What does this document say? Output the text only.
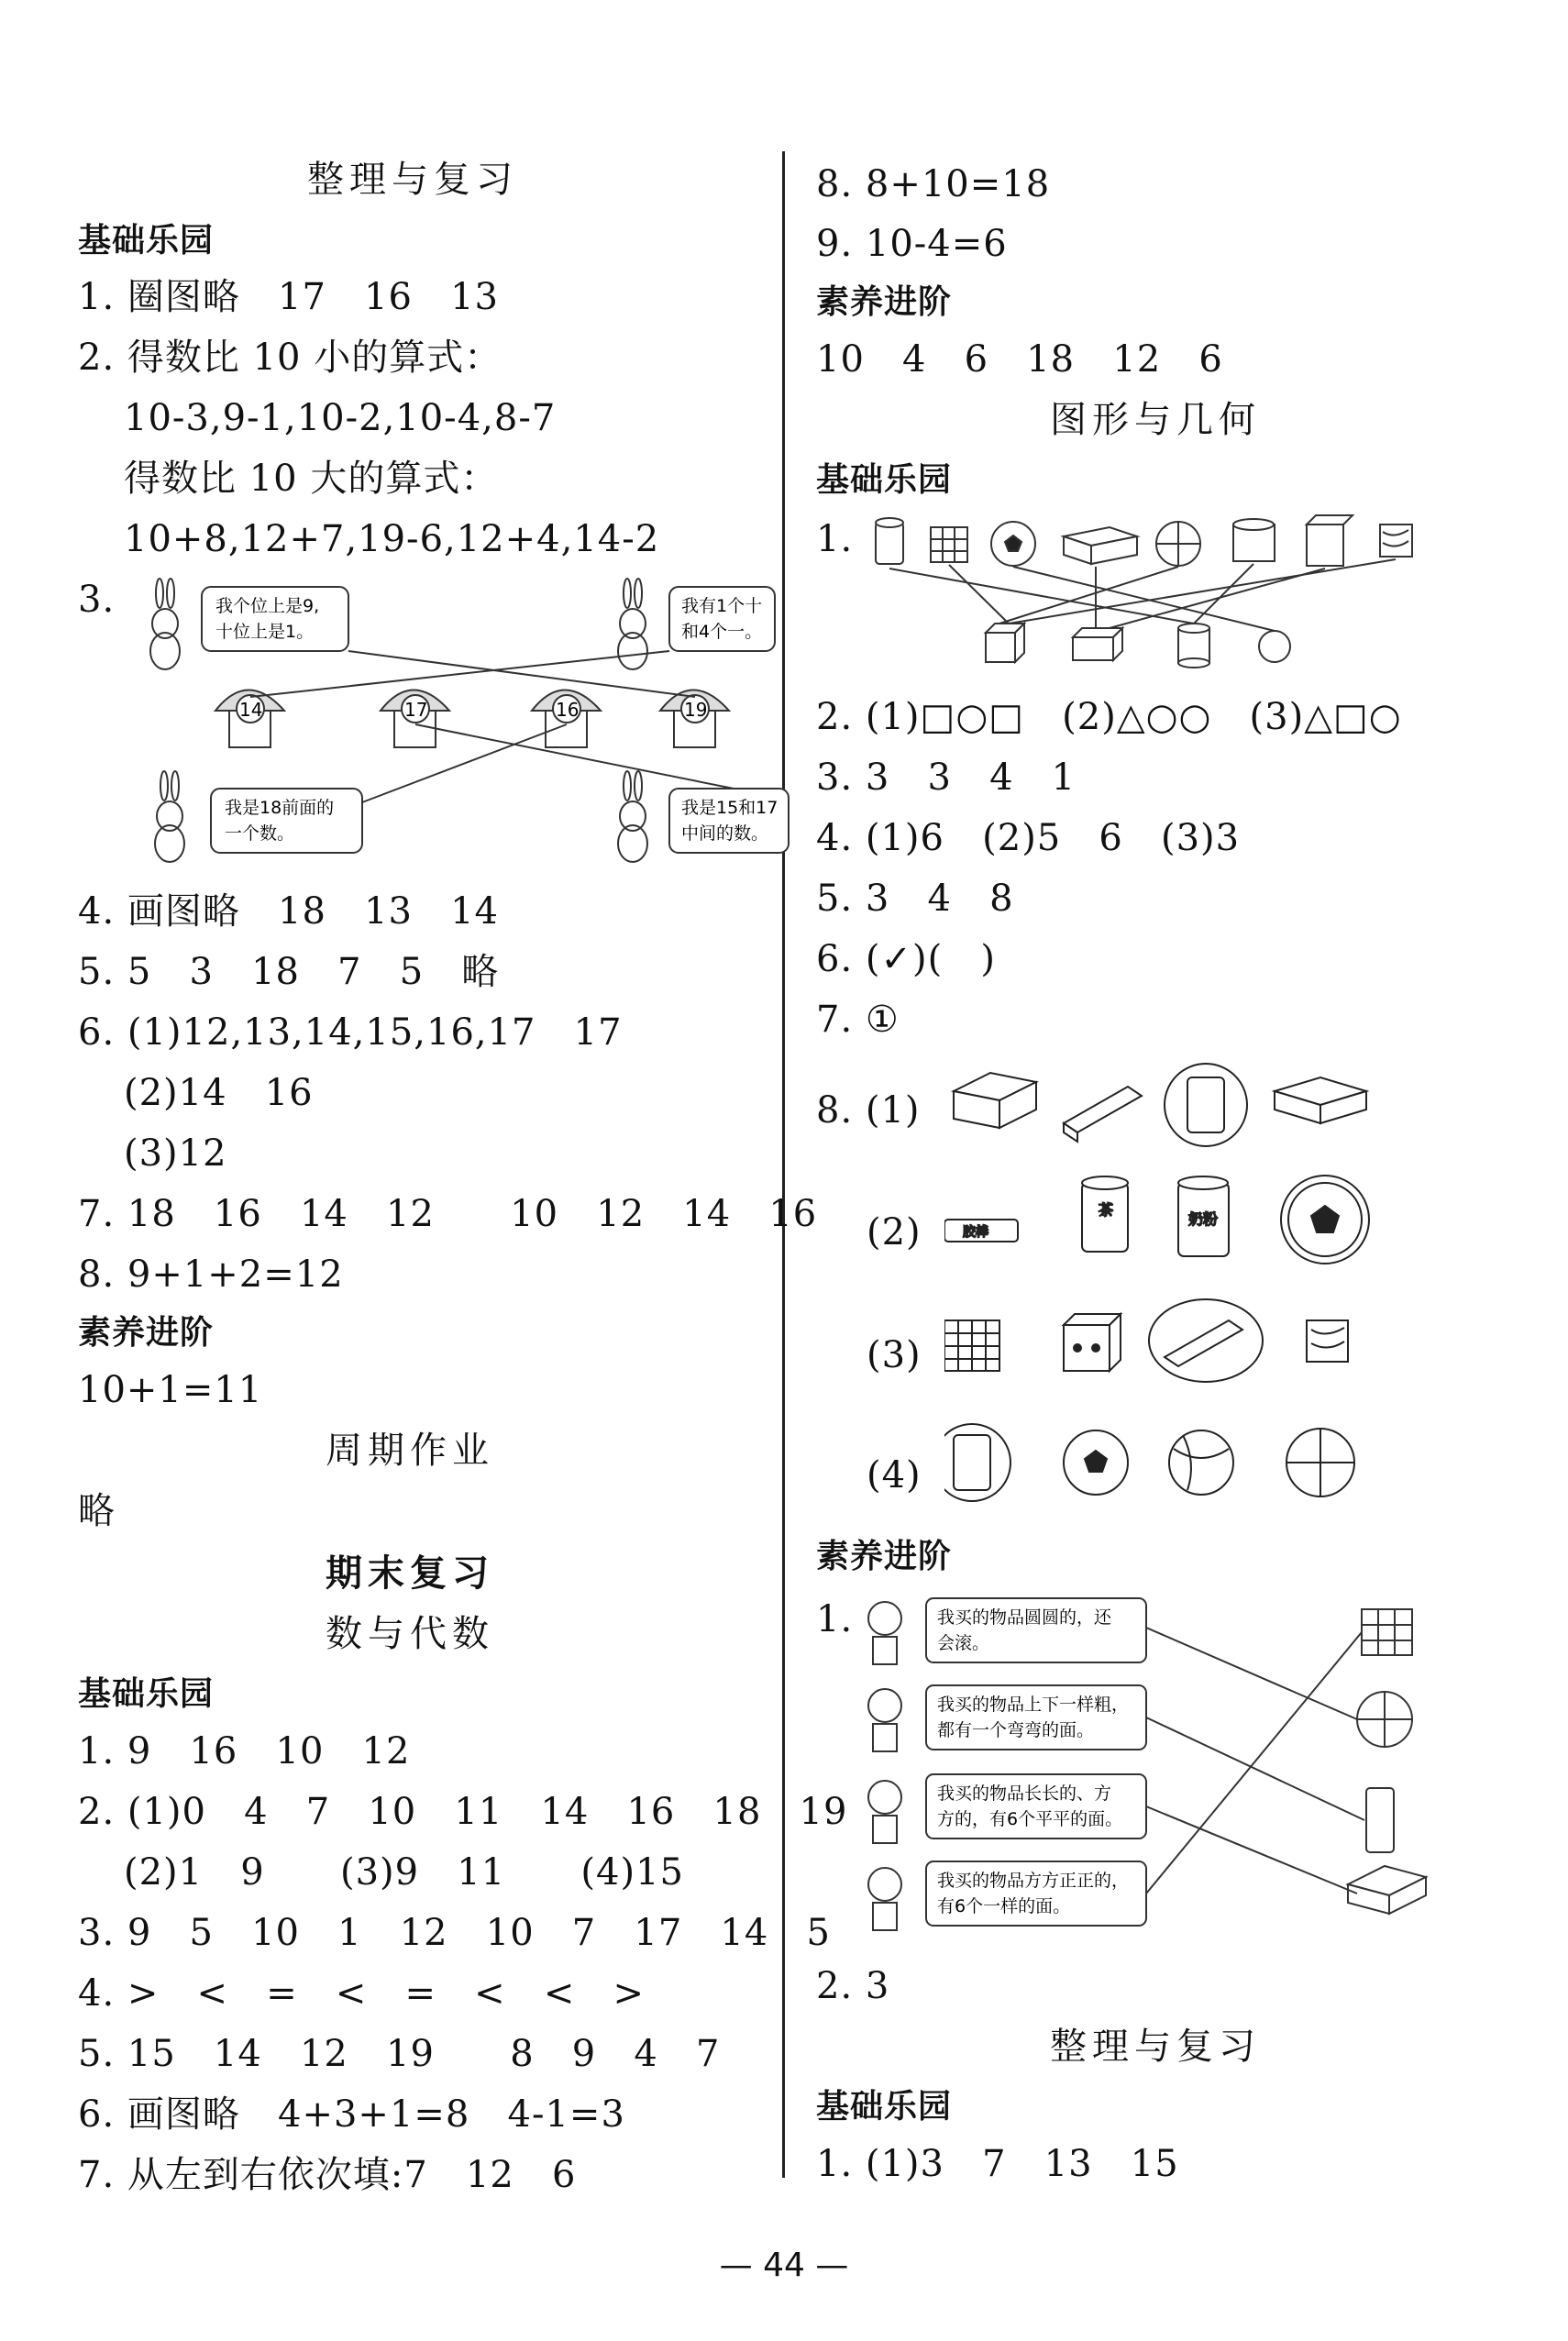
整理与复习
基础乐园
1. 圈图略   17   16   13
2. 得数比 10 小的算式：
10-3,9-1,10-2,10-4,8-7
得数比 10 大的算式：
10+8,12+7,19-6,12+4,14-2
3.	我个位上是9,
十位上是1。
我有1个十
和4个一。
我是18前面的
一个数。
我是15和17
中间的数。
14	17	16	19
4. 画图略   18   13   14
5. 5   3   18   7   5   略
6. (1)12,13,14,15,16,17   17
(2)14   16
(3)12
7. 18   16   14   12      10   12   14   16
8. 9+1+2=12
素养进阶
10+1=11
周期作业
略
期末复习
数与代数
基础乐园
1. 9   16   10   12
2. (1)0   4   7   10   11   14   16   18   19
(2)1   9      (3)9   11      (4)15
3. 9   5   10   1   12   10   7   17   14   5
4. >   <   =   <   =   <   <   >
5. 15   14   12   19      8   9   4   7
6. 画图略   4+3+1=8   4-1=3
7. 从左到右依次填:7   12   6
8. 8+10=18
9. 10-4=6
素养进阶
10   4   6   18   12   6
图形与几何
基础乐园
1.
2. (1)□○□   (2)△○○   (3)△□○
3. 3   3   4   1
4. (1)6   (2)5   6   (3)3
5. 3   4   8
6. (✓)(   )
7. ①
8. (1)
(2)
(3)
(4)
胶棒
茶
奶粉
素养进阶
1.	我买的物品圆圆的，还
会滚。
我买的物品上下一样粗，
都有一个弯弯的面。
我买的物品长长的、方
方的，有6个平平的面。
我买的物品方方正正的，
有6个一样的面。
2. 3
整理与复习
基础乐园
1. (1)3   7   13   15
— 44 —
